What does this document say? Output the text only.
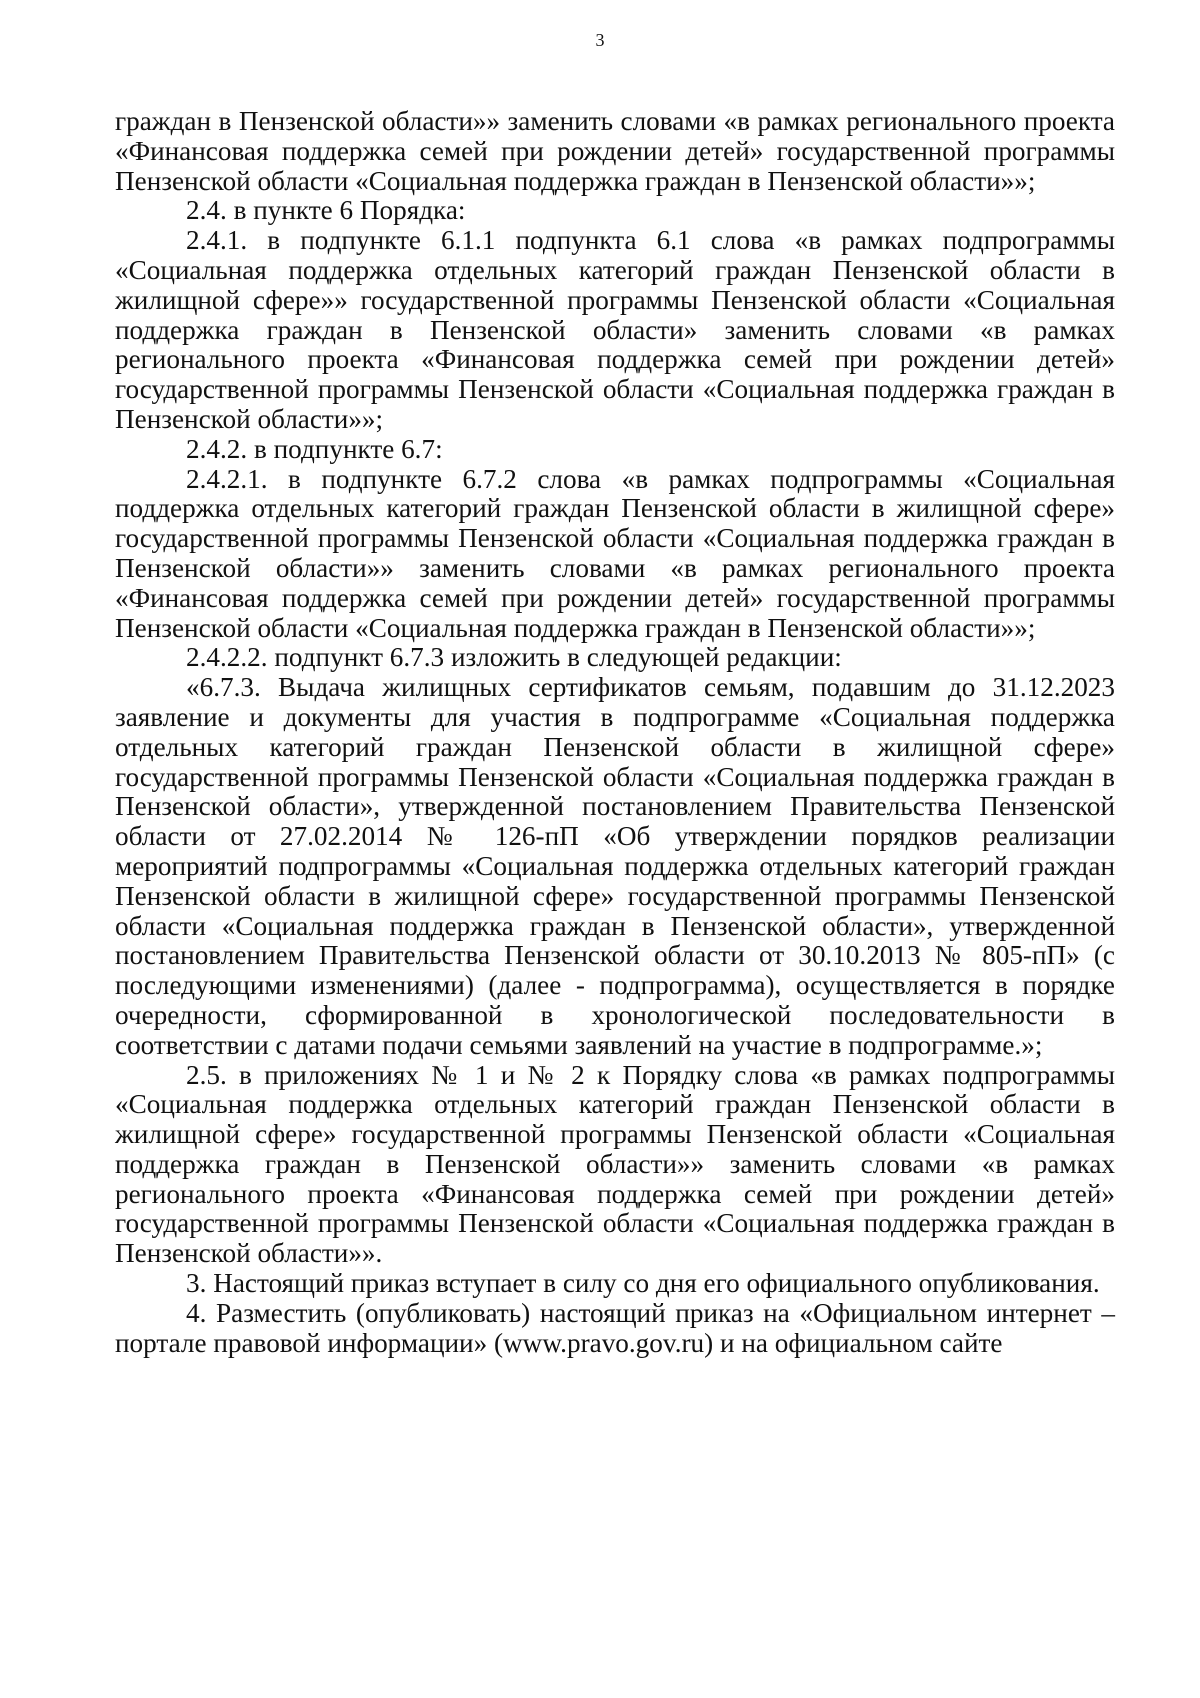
3

граждан в Пензенской области»» заменить словами «в рамках регионального проекта «Финансовая поддержка семей при рождении детей» государственной программы Пензенской области «Социальная поддержка граждан в Пензенской области»»;

2.4. в пункте 6 Порядка:

2.4.1. в подпункте 6.1.1 подпункта 6.1 слова «в рамках подпрограммы «Социальная поддержка отдельных категорий граждан Пензенской области в жилищной сфере»» государственной программы Пензенской области «Социальная поддержка граждан в Пензенской области» заменить словами «в рамках регионального проекта «Финансовая поддержка семей при рождении детей» государственной программы Пензенской области «Социальная поддержка граждан в Пензенской области»»;

2.4.2. в подпункте 6.7:

2.4.2.1. в подпункте 6.7.2 слова «в рамках подпрограммы «Социальная поддержка отдельных категорий граждан Пензенской области в жилищной сфере» государственной программы Пензенской области «Социальная поддержка граждан в Пензенской области»» заменить словами «в рамках регионального проекта «Финансовая поддержка семей при рождении детей» государственной программы Пензенской области «Социальная поддержка граждан в Пензенской области»»;

2.4.2.2. подпункт 6.7.3 изложить в следующей редакции:

«6.7.3. Выдача жилищных сертификатов семьям, подавшим до 31.12.2023 заявление и документы для участия в подпрограмме «Социальная поддержка отдельных категорий граждан Пензенской области в жилищной сфере» государственной программы Пензенской области «Социальная поддержка граждан в Пензенской области», утвержденной постановлением Правительства Пензенской области от 27.02.2014 № 126-пП «Об утверждении порядков реализации мероприятий подпрограммы «Социальная поддержка отдельных категорий граждан Пензенской области в жилищной сфере» государственной программы Пензенской области «Социальная поддержка граждан в Пензенской области», утвержденной постановлением Правительства Пензенской области от 30.10.2013 № 805-пП» (с последующими изменениями) (далее - подпрограмма), осуществляется в порядке очередности, сформированной в хронологической последовательности в соответствии с датами подачи семьями заявлений на участие в подпрограмме.»;

2.5. в приложениях № 1 и № 2 к Порядку слова «в рамках подпрограммы «Социальная поддержка отдельных категорий граждан Пензенской области в жилищной сфере» государственной программы Пензенской области «Социальная поддержка граждан в Пензенской области»» заменить словами «в рамках регионального проекта «Финансовая поддержка семей при рождении детей» государственной программы Пензенской области «Социальная поддержка граждан в Пензенской области»».

3. Настоящий приказ вступает в силу со дня его официального опубликования.

4. Разместить (опубликовать) настоящий приказ на «Официальном интернет – портале правовой информации» (www.pravo.gov.ru) и на официальном сайте
